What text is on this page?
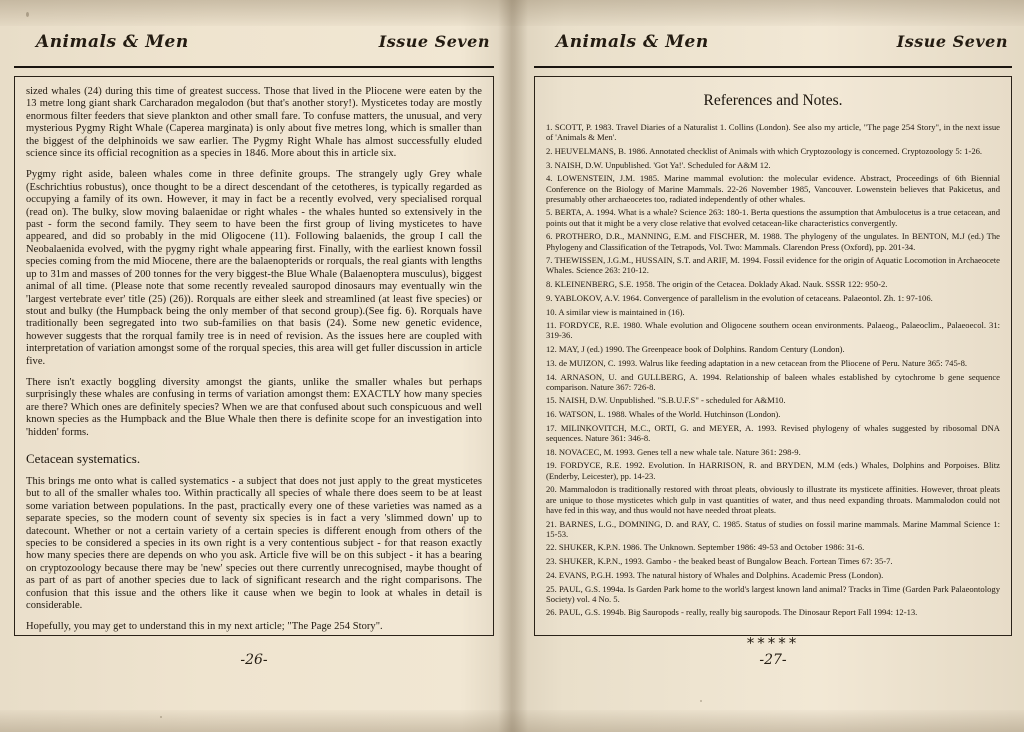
Animals & Men	Issue Seven

sized whales (24) during this time of greatest success. Those that lived in the Pliocene were eaten by the 13 metre long giant shark Carcharadon megalodon (but that's another story!). Mysticetes today are mostly enormous filter feeders that sieve plankton and other small fare. To confuse matters, the unusual, and very mysterious Pygmy Right Whale (Caperea marginata) is only about five metres long, which is smaller than the biggest of the delphinoids we saw earlier. The Pygmy Right Whale has almost successfully eluded science since its official recognition as a species in 1846. More about this in article six.

Pygmy right aside, baleen whales come in three definite groups. The strangely ugly Grey whale (Eschrichtius robustus), once thought to be a direct descendant of the cetotheres, is typically regarded as occupying a family of its own. However, it may in fact be a recently evolved, very specialised rorqual (read on). The bulky, slow moving balaenidae or right whales - the whales hunted so extensively in the past - form the second family. They seem to have been the first group of living mysticetes to have appeared, and did so probably in the mid Oligocene (11). Following balaenids, the group I call the Neobalaenida evolved, with the pygmy right whale appearing first. Finally, with the earliest known fossil species coming from the mid Miocene, there are the balaenopterids or rorquals, the real giants with lengths up to 31m and masses of 200 tonnes for the very biggest-the Blue Whale (Balaenoptera musculus), biggest animal of all time. (Please note that some recently revealed sauropod dinosaurs may eventually win the 'largest vertebrate ever' title (25) (26)). Rorquals are either sleek and streamlined (at least five species) or stout and bulky (the Humpback being the only member of that second group).(See fig. 6). Rorquals have traditionally been segregated into two sub-families on that basis (24). Some new genetic evidence, however suggests that the rorqual family tree is in need of revision. As the issues here are coupled with interpretation of variation amongst some of the rorqual species, this area will get fuller discussion in article five.

There isn't exactly boggling diversity amongst the giants, unlike the smaller whales but perhaps surprisingly these whales are confusing in terms of variation amongst them: EXACTLY how many species are there? Which ones are definitely species? When we are that confused about such conspicuous and well known species as the Humpback and the Blue Whale then there is definite scope for an investigation into 'hidden' forms.

Cetacean systematics.

This brings me onto what is called systematics - a subject that does not just apply to the great mysticetes but to all of the smaller whales too. Within practically all species of whale there does seem to be at least some variation between populations. In the past, practically every one of these varieties was named as a separate species, so the modern count of seventy six species is in fact a very 'slimmed down' up to datecount. Whether or not a certain variety of a certain species is different enough from others of the species to be considered a species in its own right is a very contentious subject - for that reason exactly how many species there are depends on who you ask. Article five will be on this subject - it has a bearing on cryptozoology because there may be 'new' species out there currently unrecognised, maybe thought of as part of as part of another species due to lack of significant research and the right comparisons. The confusion that this issue and the others like it cause when we begin to look at whales in detail is considerable.

Hopefully, you may get to understand this in my next article; "The Page 254 Story".

-26-
Animals & Men	Issue Seven
References and Notes.
1. SCOTT, P. 1983. Travel Diaries of a Naturalist 1. Collins (London). See also my article, "The page 254 Story", in the next issue of 'Animals & Men'.
2. HEUVELMANS, B. 1986. Annotated checklist of Animals with which Cryptozoology is concerned. Cryptozoology 5: 1-26.
3. NAISH, D.W. Unpublished. 'Got Ya!'. Scheduled for A&M 12.
4. LOWENSTEIN, J.M. 1985. Marine mammal evolution: the molecular evidence. Abstract, Proceedings of 6th Biennial Conference on the Biology of Marine Mammals. 22-26 November 1985, Vancouver. Lowenstein believes that Pakicetus, and presumably other archaeocetes too, radiated independently of other whales.
5. BERTA, A. 1994. What is a whale? Science 263: 180-1. Berta questions the assumption that Ambulocetus is a true cetacean, and points out that it might be a very close relative that evolved cetacean-like characteristics convergently.
6. PROTHERO, D.R., MANNING, E.M. and FISCHER, M. 1988. The phylogeny of the ungulates. In BENTON, M.J (ed.) The Phylogeny and Classification of the Tetrapods, Vol. Two: Mammals. Clarendon Press (Oxford), pp. 201-34.
7. THEWISSEN, J.G.M., HUSSAIN, S.T. and ARIF, M. 1994. Fossil evidence for the origin of Aquatic Locomotion in Archaeocete Whales. Science 263: 210-12.
8. KLEINENBERG, S.E. 1958. The origin of the Cetacea. Doklady Akad. Nauk. SSSR 122: 950-2.
9. YABLOKOV, A.V. 1964. Convergence of parallelism in the evolution of cetaceans. Palaeontol. Zh. 1: 97-106.
10. A similar view is maintained in (16).
11. FORDYCE, R.E. 1980. Whale evolution and Oligocene southern ocean environments. Palaeog., Palaeoclim., Palaeoecol. 31: 319-36.
12. MAY, J (ed.) 1990. The Greenpeace book of Dolphins. Random Century (London).
13. de MUIZON, C. 1993. Walrus like feeding adaptation in a new cetacean from the Pliocene of Peru. Nature 365: 745-8.
14. ARNASON, U. and GULLBERG, A. 1994. Relationship of baleen whales established by cytochrome b gene sequence comparison. Nature 367: 726-8.
15. NAISH, D.W. Unpublished. "S.B.U.F.S" - scheduled for A&M10.
16. WATSON, L. 1988. Whales of the World. Hutchinson (London).
17. MILINKOVITCH, M.C., ORTI, G. and MEYER, A. 1993. Revised phylogeny of whales suggested by ribosomal DNA sequences. Nature 361: 346-8.
18. NOVACEC, M. 1993. Genes tell a new whale tale. Nature 361: 298-9.
19. FORDYCE, R.E. 1992. Evolution. In HARRISON, R. and BRYDEN, M.M (eds.) Whales, Dolphins and Porpoises. Blitz (Enderby, Leicester), pp. 14-23.
20. Mammalodon is traditionally restored with throat pleats, obviously to illustrate its mysticete affinities. However, throat pleats are unique to those mysticetes which gulp in vast quantities of water, and thus need expanding throats. Mammalodon could not have fed in this way, and thus would not have needed throat pleats.
21. BARNES, L.G., DOMNING, D. and RAY, C. 1985. Status of studies on fossil marine mammals. Marine Mammal Science 1: 15-53.
22. SHUKER, K.P.N. 1986. The Unknown. September 1986: 49-53 and October 1986: 31-6.
23. SHUKER, K.P.N., 1993. Gambo - the beaked beast of Bungalow Beach. Fortean Times 67: 35-7.
24. EVANS, P.G.H. 1993. The natural history of Whales and Dolphins. Academic Press (London).
25. PAUL, G.S. 1994a. Is Garden Park home to the world's largest known land animal? Tracks in Time (Garden Park Palaeontology Society) vol. 4 No. 5.
26. PAUL, G.S. 1994b. Big Sauropods - really, really big sauropods. The Dinosaur Report Fall 1994: 12-13.
*****
-27-
